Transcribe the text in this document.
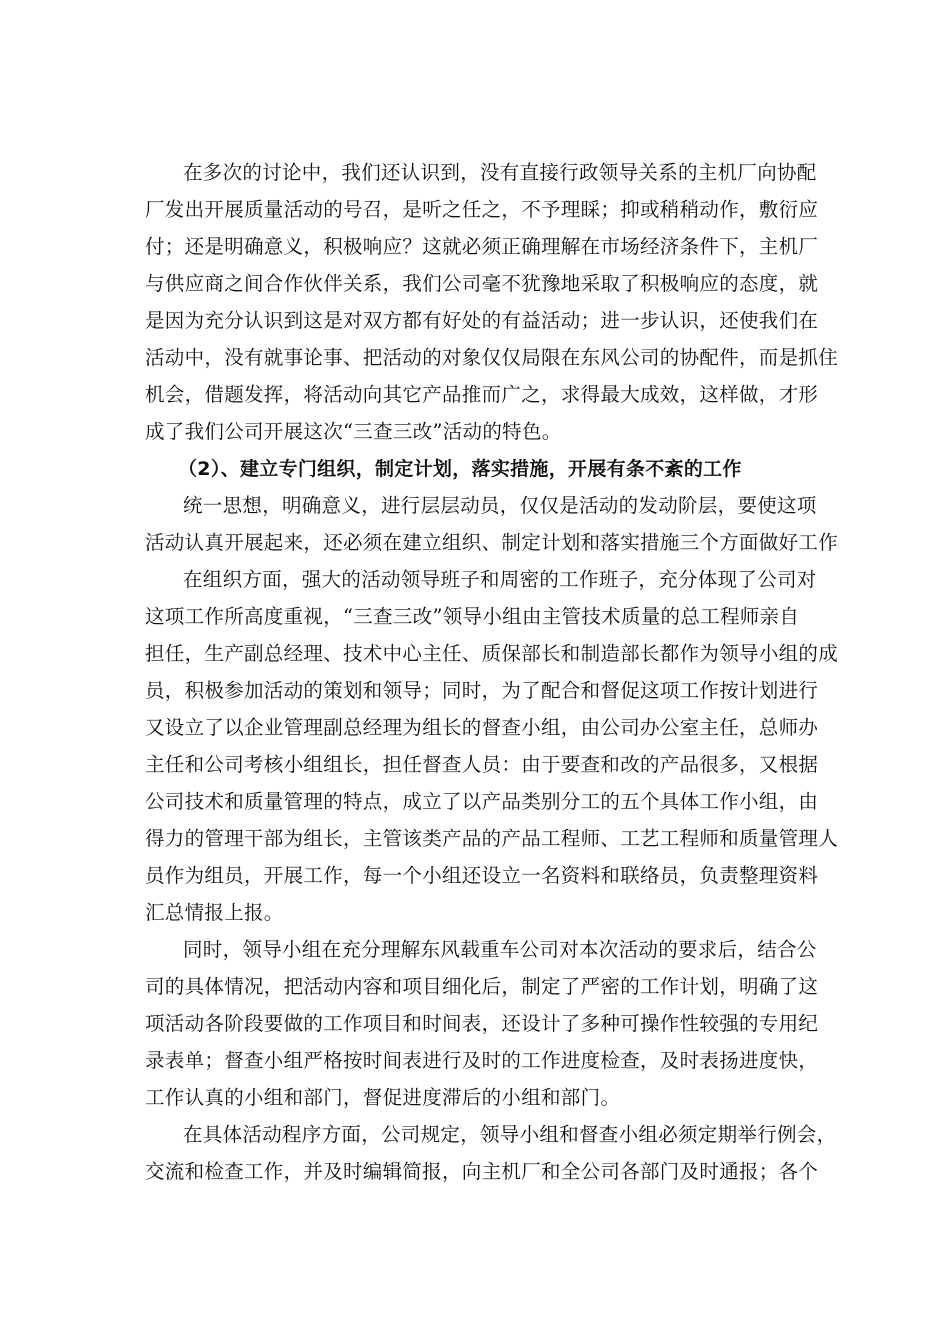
在多次的讨论中，我们还认识到，没有直接行政领导关系的主机厂向协配
厂发出开展质量活动的号召，是听之任之，不予理睬；抑或稍稍动作，敷衍应
付；还是明确意义，积极响应？这就必须正确理解在市场经济条件下，主机厂
与供应商之间合作伙伴关系，我们公司毫不犹豫地采取了积极响应的态度，就
是因为充分认识到这是对双方都有好处的有益活动；进一步认识，还使我们在
活动中，没有就事论事、把活动的对象仅仅局限在东风公司的协配件，而是抓住
机会，借题发挥，将活动向其它产品推而广之，求得最大成效，这样做，才形
成了我们公司开展这次“三查三改”活动的特色。
（2）、建立专门组织，制定计划，落实措施，开展有条不紊的工作
统一思想，明确意义，进行层层动员，仅仅是活动的发动阶层，要使这项
活动认真开展起来，还必须在建立组织、制定计划和落实措施三个方面做好工作
在组织方面，强大的活动领导班子和周密的工作班子，充分体现了公司对
这项工作所高度重视，“三查三改”领导小组由主管技术质量的总工程师亲自
担任，生产副总经理、技术中心主任、质保部长和制造部长都作为领导小组的成
员，积极参加活动的策划和领导；同时，为了配合和督促这项工作按计划进行
又设立了以企业管理副总经理为组长的督查小组，由公司办公室主任，总师办
主任和公司考核小组组长，担任督查人员：由于要查和改的产品很多，又根据
公司技术和质量管理的特点，成立了以产品类别分工的五个具体工作小组，由
得力的管理干部为组长，主管该类产品的产品工程师、工艺工程师和质量管理人
员作为组员，开展工作，每一个小组还设立一名资料和联络员，负责整理资料
汇总情报上报。
同时，领导小组在充分理解东风载重车公司对本次活动的要求后，结合公
司的具体情况，把活动内容和项目细化后，制定了严密的工作计划，明确了这
项活动各阶段要做的工作项目和时间表，还设计了多种可操作性较强的专用纪
录表单；督查小组严格按时间表进行及时的工作进度检查，及时表扬进度快，
工作认真的小组和部门，督促进度滞后的小组和部门。
在具体活动程序方面，公司规定，领导小组和督查小组必须定期举行例会，
交流和检查工作，并及时编辑简报，向主机厂和全公司各部门及时通报；各个
